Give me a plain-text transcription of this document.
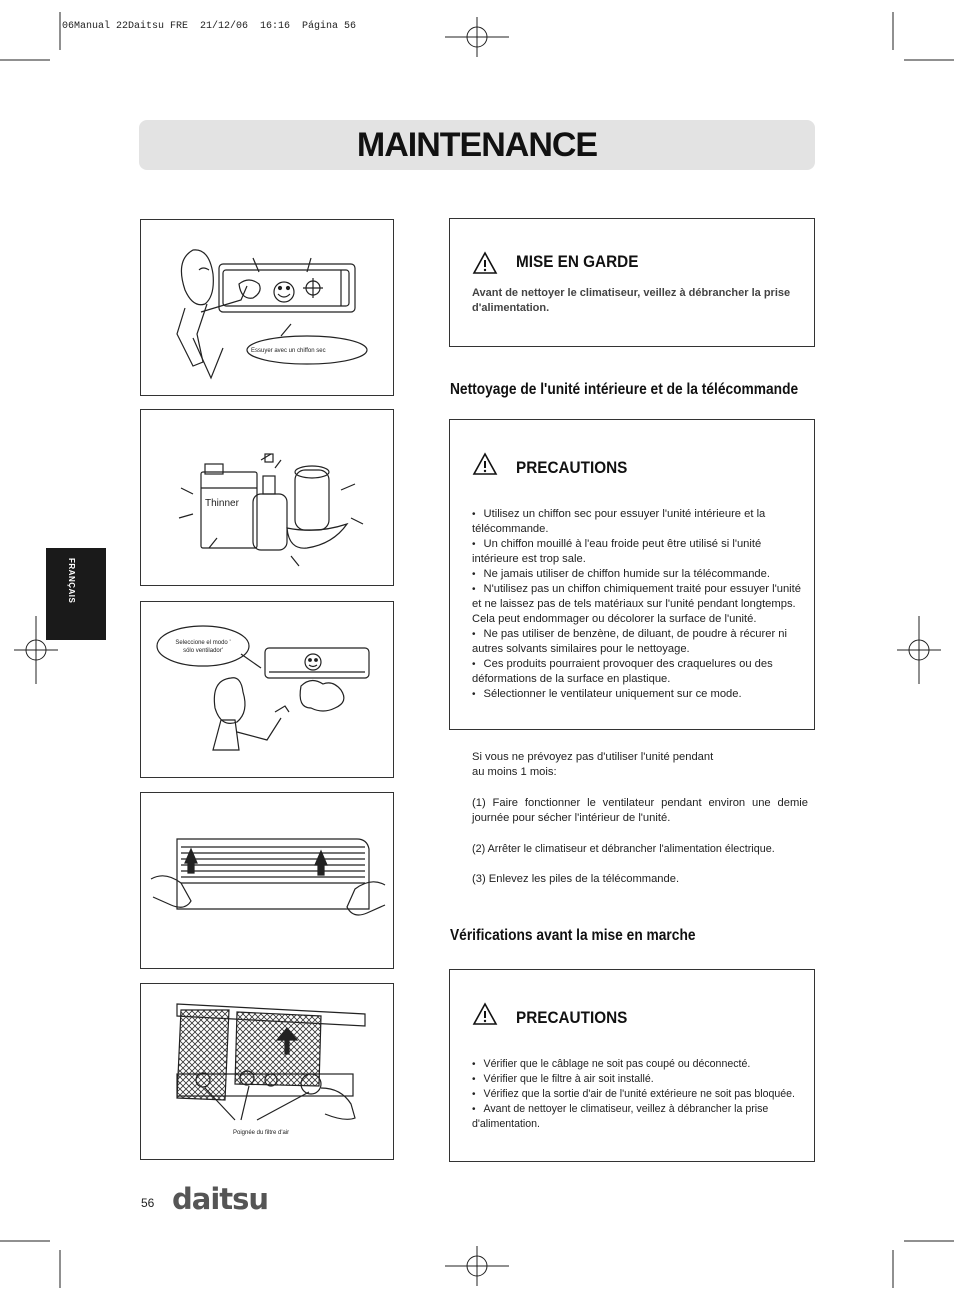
06Manual 22Daitsu FRE  21/12/06  16:16  Página 56
MAINTENANCE
FRANÇAIS
Essuyer avec un chiffon sec
Thinner
Seleccione el modo '
sólo ventilador'
Poignée du filtre d'air
MISE EN GARDE
Avant de nettoyer le climatiseur, veillez à débrancher la prise d'alimentation.
Nettoyage de l'unité intérieure et de la télécommande
PRECAUTIONS
• Utilisez un chiffon sec pour essuyer l'unité intérieure et la télécommande.
• Un chiffon mouillé à l'eau froide peut être utilisé si l'unité intérieure est trop sale.
• Ne jamais utiliser de chiffon humide sur la télécommande.
• N'utilisez pas un chiffon chimiquement traité pour essuyer l'unité et ne laissez pas de tels matériaux sur l'unité pendant longtemps. Cela peut endommager ou décolorer la surface de l'unité.
• Ne pas utiliser de benzène, de diluant, de poudre à récurer ni autres solvants similaires pour le nettoyage.
• Ces produits pourraient provoquer des craquelures ou des déformations de la surface en plastique.
• Sélectionner le ventilateur uniquement sur ce mode.
Si vous ne prévoyez pas d'utiliser l'unité pendant
au moins 1 mois:
(1) Faire fonctionner le ventilateur pendant environ une demie journée pour sécher l'intérieur de l'unité.
(2) Arrêter le climatiseur et débrancher l'alimentation électrique.
(3) Enlevez les piles de la télécommande.
Vérifications avant la mise en marche
PRECAUTIONS
• Vérifier que le câblage ne soit pas coupé ou déconnecté.
• Vérifier que le filtre à air soit installé.
• Vérifiez que la sortie d'air de l'unité extérieure ne soit pas bloquée.
• Avant de nettoyer le climatiseur, veillez à débrancher la prise d'alimentation.
56 daitsu
